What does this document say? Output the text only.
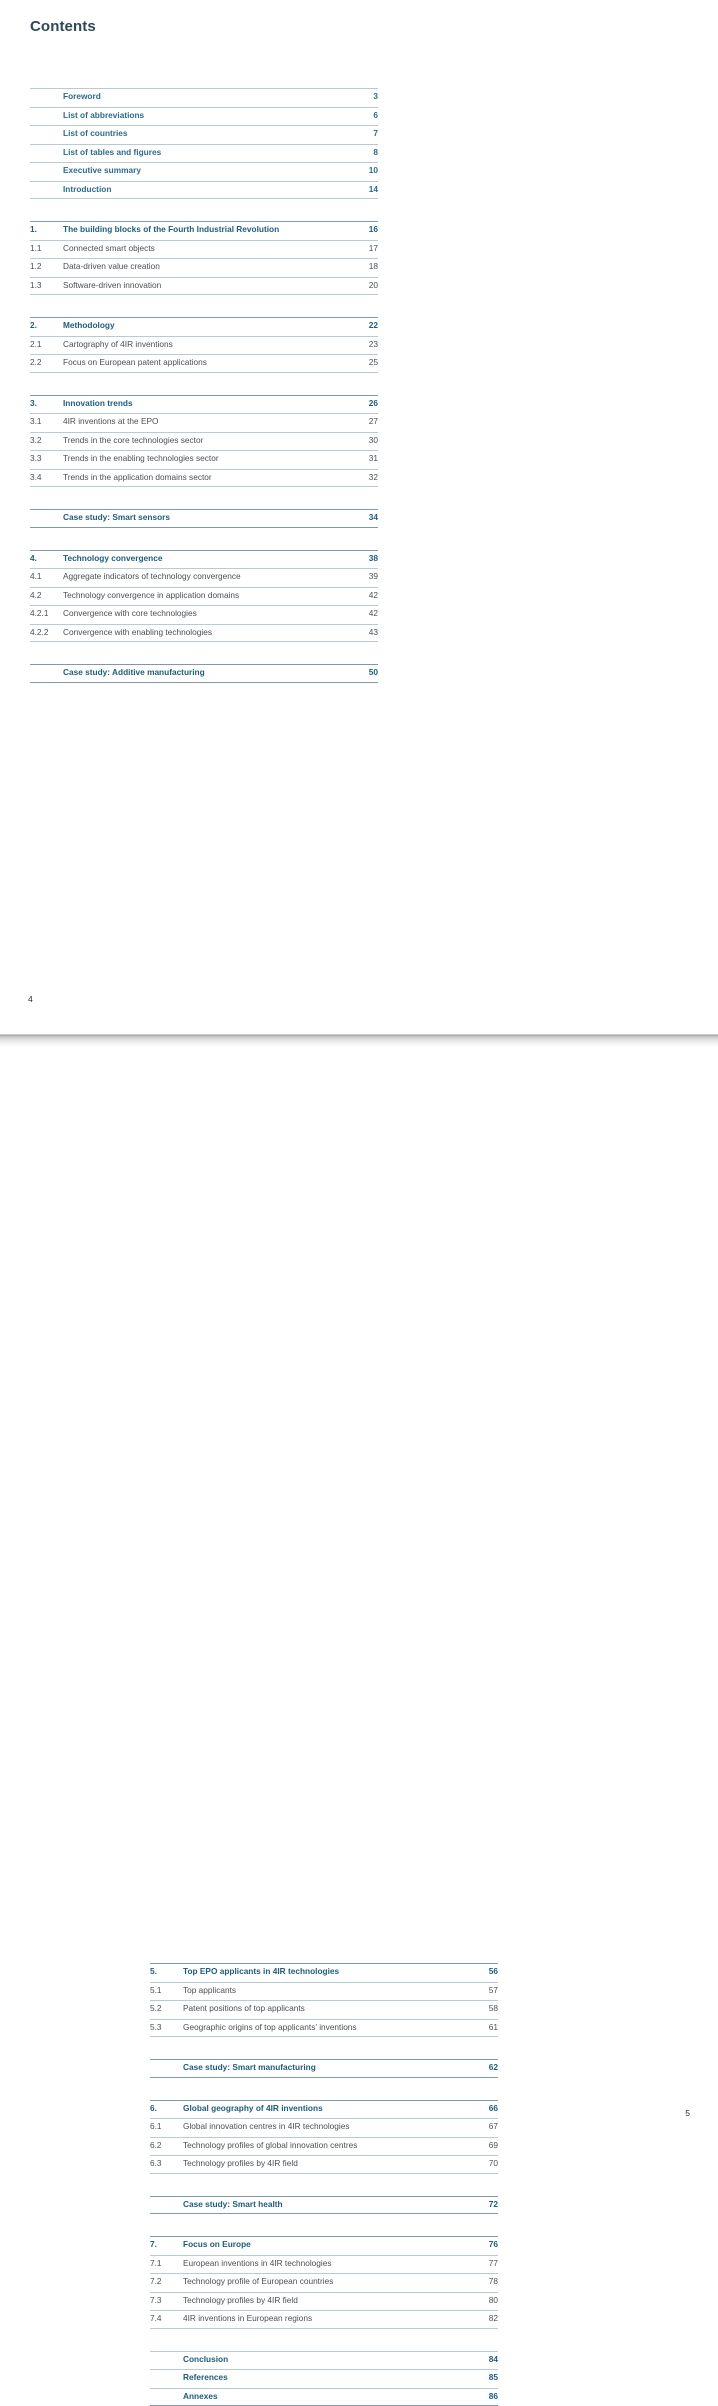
Contents
Foreword	3
List of abbreviations	6
List of countries	7
List of tables and figures	8
Executive summary	10
Introduction	14
1.	The building blocks of the Fourth Industrial Revolution	16
1.1	Connected smart objects	17
1.2	Data-driven value creation	18
1.3	Software-driven innovation	20
2.	Methodology	22
2.1	Cartography of 4IR inventions	23
2.2	Focus on European patent applications	25
3.	Innovation trends	26
3.1	4IR inventions at the EPO	27
3.2	Trends in the core technologies sector	30
3.3	Trends in the enabling technologies sector	31
3.4	Trends in the application domains sector	32
Case study: Smart sensors	34
4.	Technology convergence	38
4.1	Aggregate indicators of technology convergence	39
4.2	Technology convergence in application domains	42
4.2.1	Convergence with core technologies	42
4.2.2	Convergence with enabling technologies	43
Case study: Additive manufacturing	50
4
5.	Top EPO applicants in 4IR technologies	56
5.1	Top applicants	57
5.2	Patent positions of top applicants	58
5.3	Geographic origins of top applicants’ inventions	61
Case study: Smart manufacturing	62
6.	Global geography of 4IR inventions	66
6.1	Global innovation centres in 4IR technologies	67
6.2	Technology profiles of global innovation centres	69
6.3	Technology profiles by 4IR field	70
Case study: Smart health	72
7.	Focus on Europe	76
7.1	European inventions in 4IR technologies	77
7.2	Technology profile of European countries	78
7.3	Technology profiles by 4IR field	80
7.4	4IR inventions in European regions	82
Conclusion	84
References	85
Annexes	86
5
